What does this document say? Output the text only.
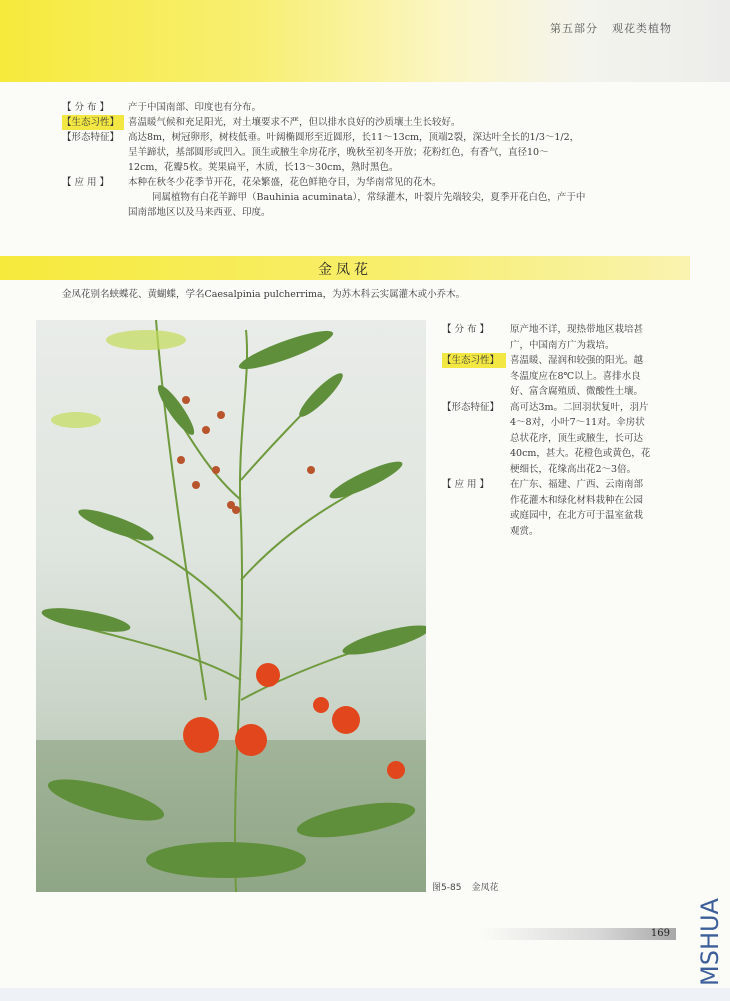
第五部分 观花类植物
【 分 布 】	产于中国南部、印度也有分布。
【生态习性】 喜温暖气候和充足阳光，对土壤要求不严，但以排水良好的沙质壤土生长较好。
【形态特征】 高达8m，树冠卵形，树枝低垂。叶阔椭圆形至近圆形，长11～13cm，顶端2裂，深达叶全长的1/3～1/2，
呈羊蹄状，基部圆形或凹入。顶生或腋生伞房花序，晚秋至初冬开放；花粉红色，有香气，直径10～
12cm，花瓣5枚。荚果扁平，木质，长13～30cm，熟时黑色。
【 应 用 】	本种在秋冬少花季节开花，花朵繁盛，花色鲜艳夺目，为华南常见的花木。
同属植物有白花羊蹄甲（Bauhinia acuminata），常绿灌木，叶裂片先端较尖，夏季开花白色，产于中
国南部地区以及马来西亚、印度。
金凤花
金凤花别名蛱蝶花、黄蝴蝶，学名Caesalpinia pulcherrima，为苏木科云实属灌木或小乔木。
图5-85 金凤花
【 分 布 】	原产地不详，现热带地区栽培甚
广，中国南方广为栽培。
【生态习性】	喜温暖、湿润和较强的阳光。越
冬温度应在8℃以上。喜排水良
好、富含腐殖质、微酸性土壤。
【形态特征】	高可达3m。二回羽状复叶，羽片
4～8对，小叶7～11对。伞房状
总状花序，顶生或腋生，长可达
40cm，甚大。花橙色或黄色，花
梗细长，花缘高出花2～3倍。
【 应 用 】	在广东、福建、广西、云南南部
作花灌木和绿化材料栽种在公园
或庭园中，在北方可于温室盆栽
观赏。
169 MSHUA
